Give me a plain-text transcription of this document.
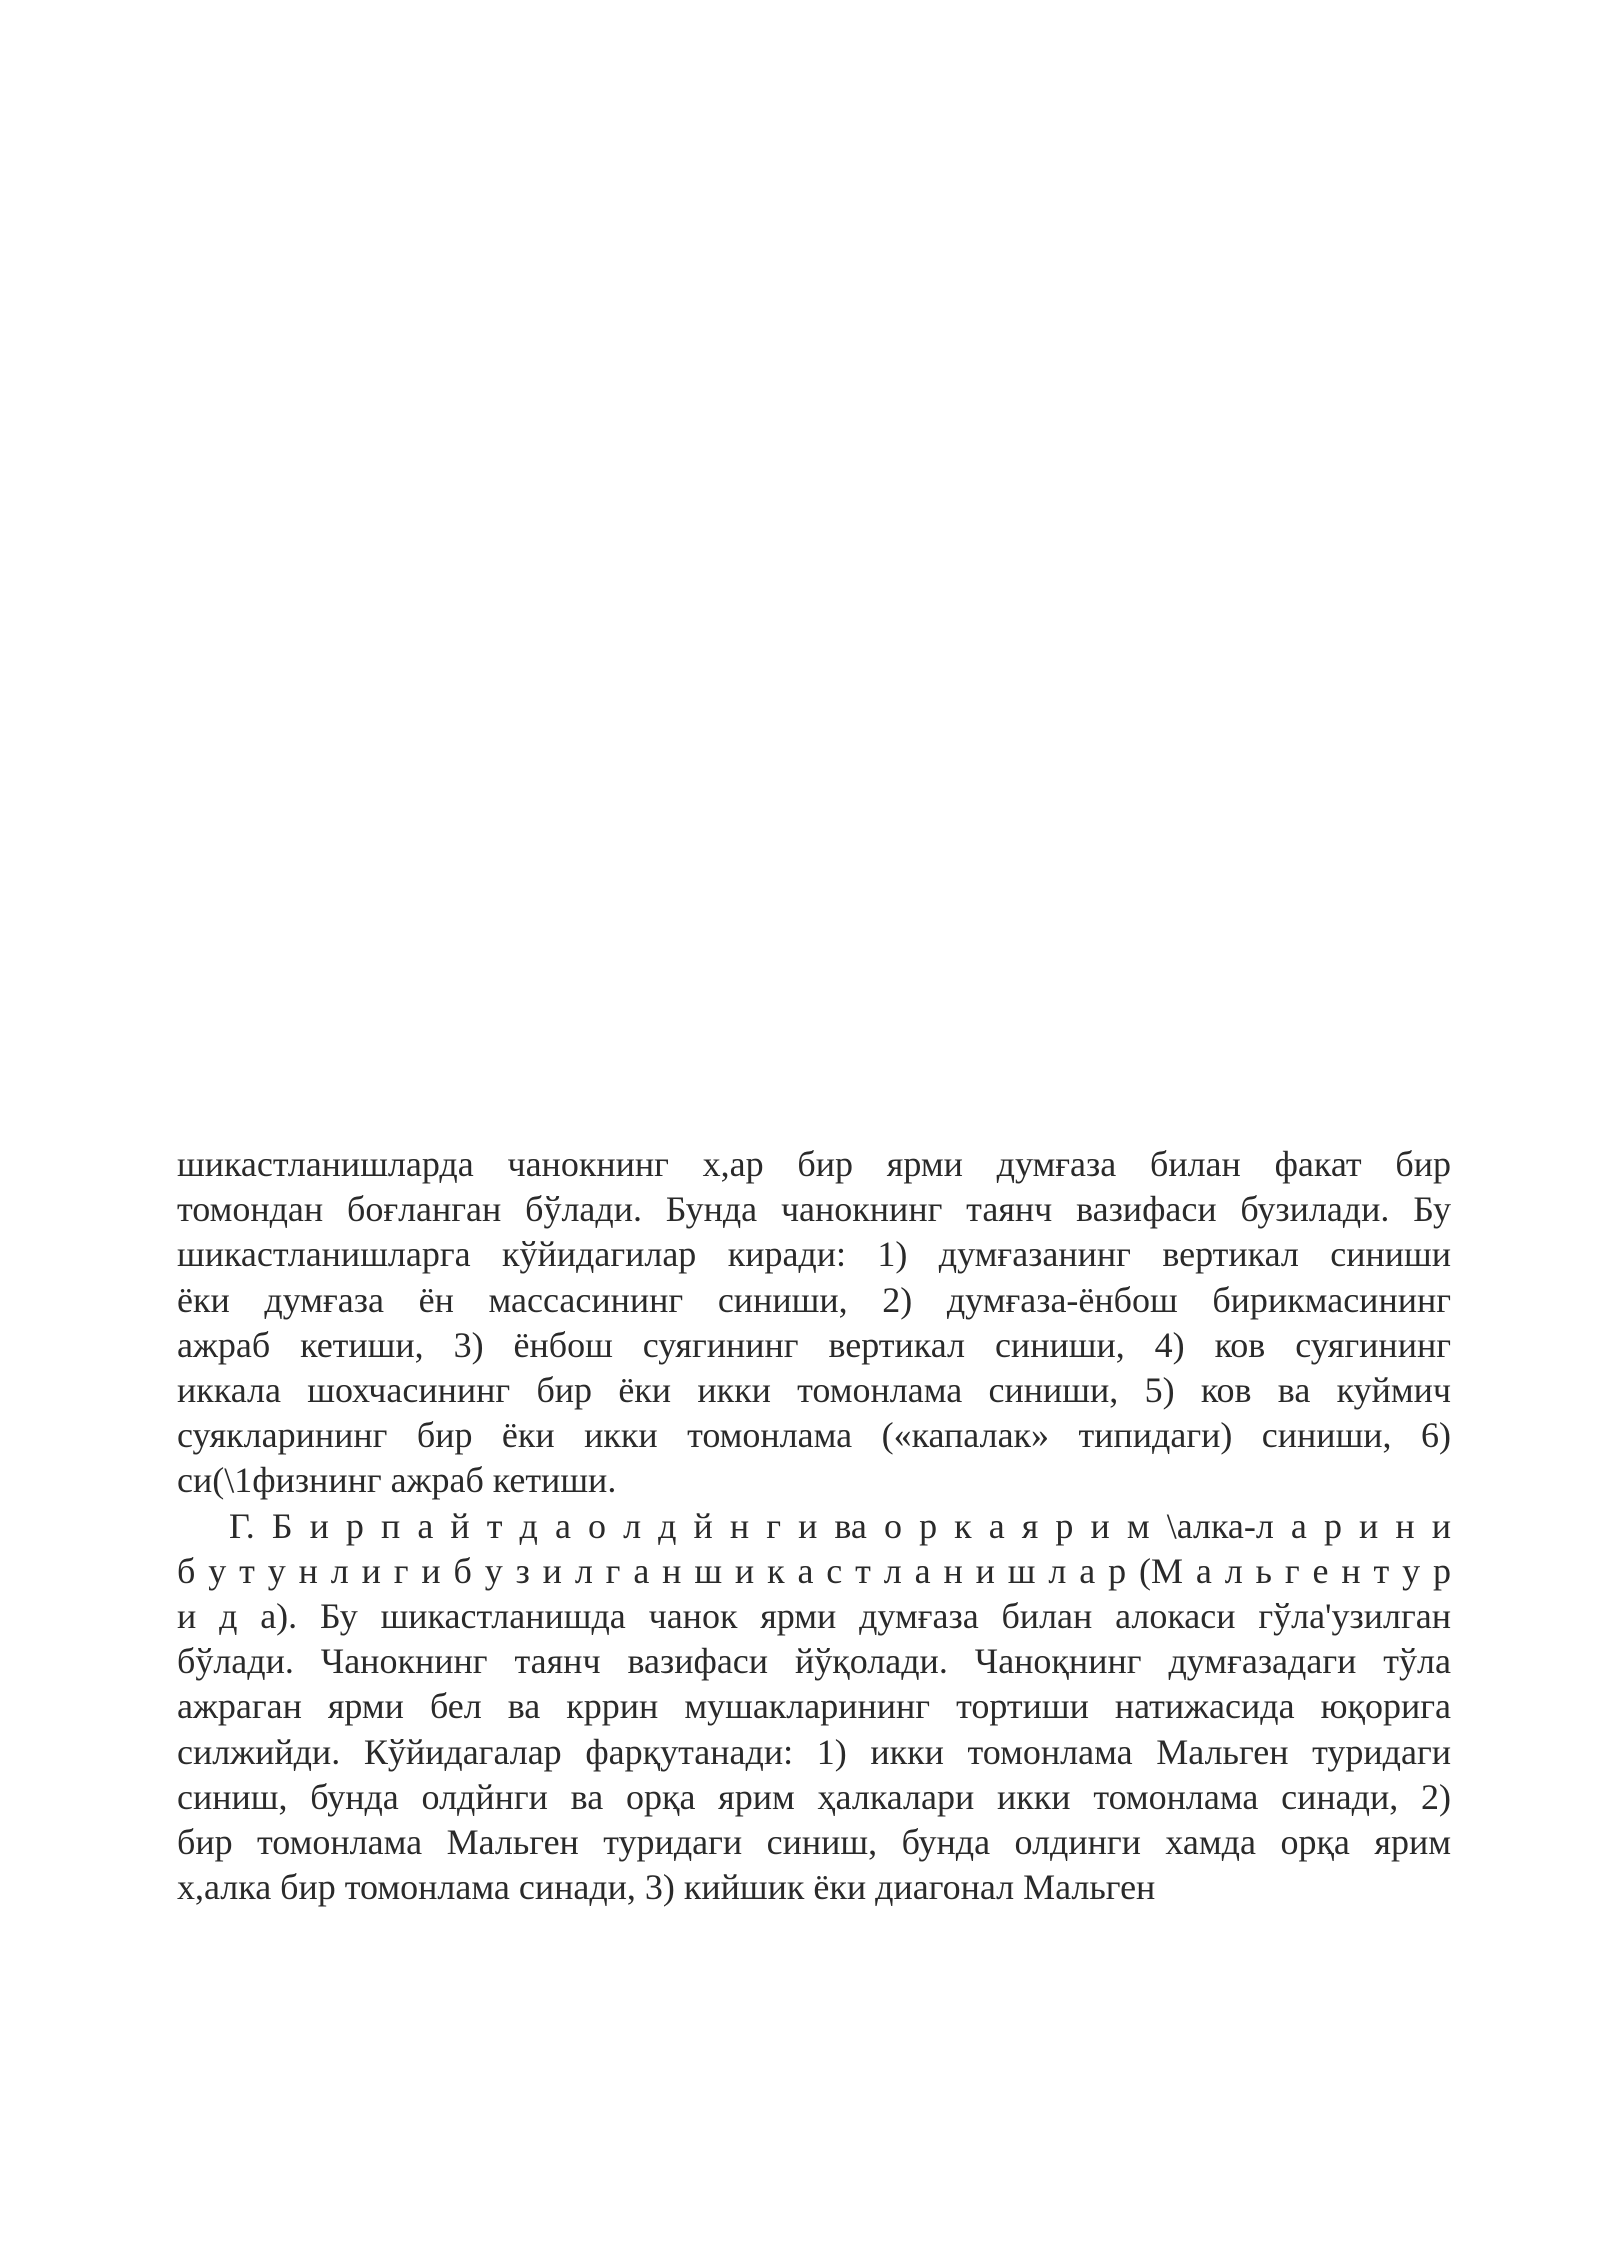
шикастланишларда чанокнинг х,ар бир ярми думғаза билан факат бир
томондан боғланган бўлади. Бунда чанокнинг таянч вазифаси бузилади. Бу
шикастланишларга кўйидагилар киради: 1) думғазанинг вертикал синиши
ёки думғаза ён массасининг синиши, 2) думғаза-ёнбош бирикмасининг
ажраб кетиши, 3) ёнбош суягининг вертикал синиши, 4) ков суягининг
иккала шохчасининг бир ёки икки томонлама синиши, 5) ков ва куймич
суякларининг бир ёки икки томонлама («капалак» типидаги) синиши, 6)
си(\1физнинг ажраб кетиши.

Г. Б и р п а й т д а о л д й н г и ва о р к а я р и м \алка-л а р и н и
б у т у н л и г и б у з и л г а н ш и к а с т л а н и ш л а р (М а л ь г е н т у р
и д а). Бу шикастланишда чанок ярми думғаза билан алокаси гўла'узилган
бўлади. Чанокнинг таянч вазифаси йўқолади. Чаноқнинг думғазадаги тўла
ажраган ярми бел ва кррин мушакларининг тортиши натижасида юқорига
силжийди. Кўйидагалар фарқутанади: 1) икки томонлама Мальген туридаги
синиш, бунда олдйнги ва орқа ярим ҳалкалари икки томонлама синади, 2)
бир томонлама Мальген туридаги синиш, бунда олдинги хамда орқа ярим
х,алка бир томонлама синади, 3) кийшик ёки диагонал Мальген
